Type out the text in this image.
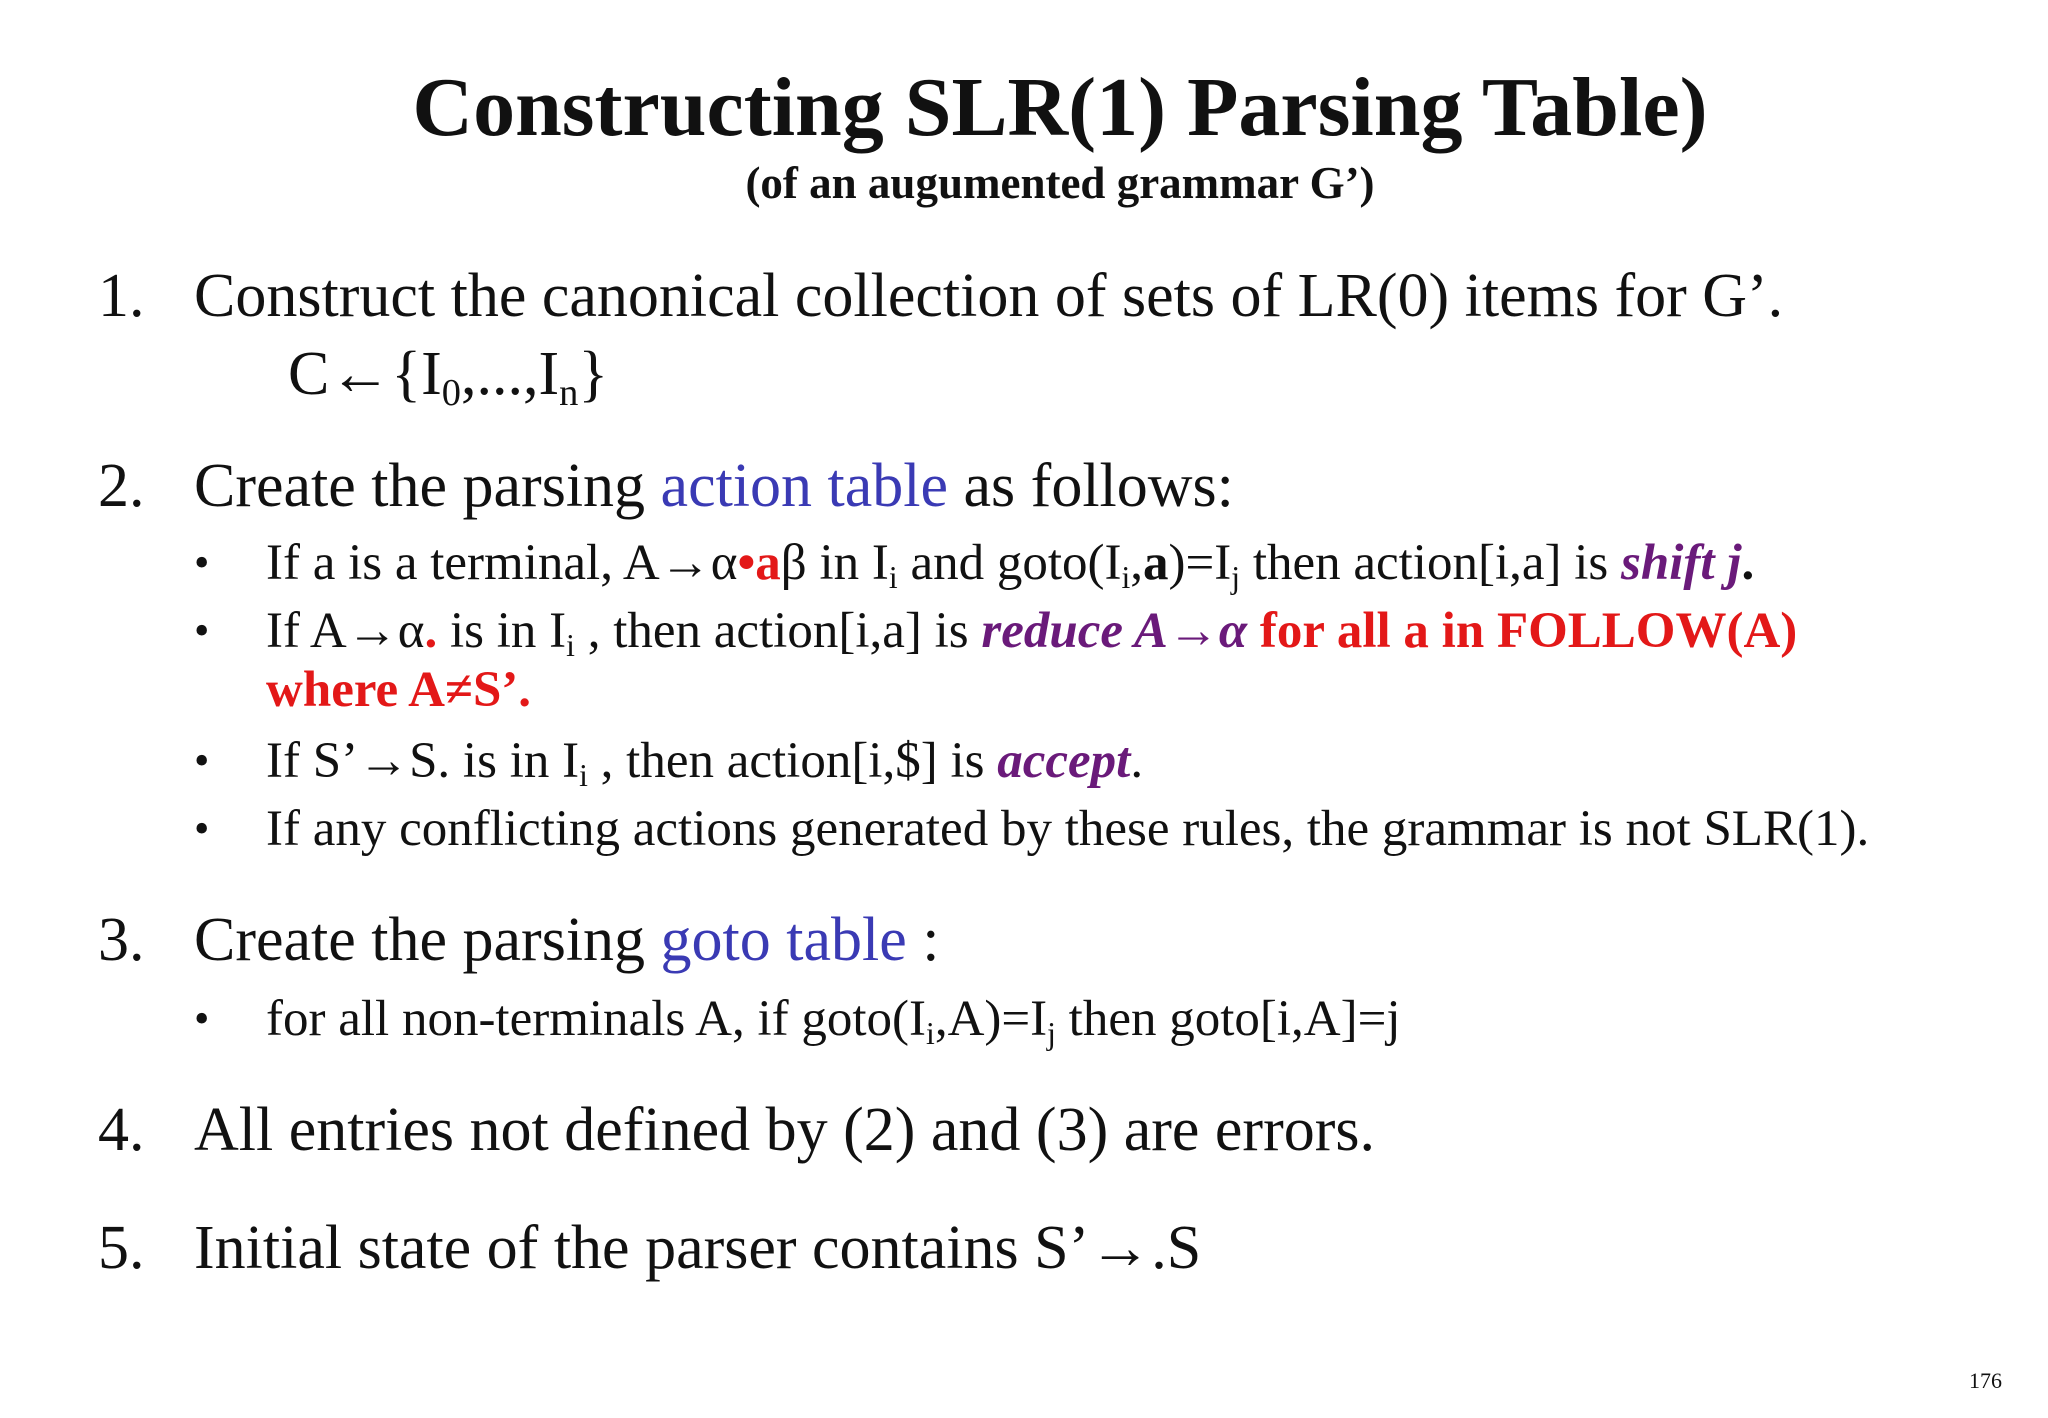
Constructing SLR(1) Parsing Table)
(of an augumented grammar G’)
1. Construct the canonical collection of sets of LR(0) items for G’.
$C\leftarrow\{I_0,...,I_n\}$
2. Create the parsing action table as follows:
• If a is a terminal, A→α•aβ in $I_i$ and $goto(I_i,a)=I_j$ then action[i,a] is shift j.
• If A→α. is in $I_i$ , then action[i,a] is reduce A→α for all a in FOLLOW(A)
where A≠S’.
• If S’→S. is in $I_i$ , then action[i,$] is accept.
• If any conflicting actions generated by these rules, the grammar is not SLR(1).
3. Create the parsing goto table :
• for all non-terminals A, if $goto(I_i,A)=I_j$ then goto[i,A]=j
4. All entries not defined by (2) and (3) are errors.
5. Initial state of the parser contains S’→.S
176
